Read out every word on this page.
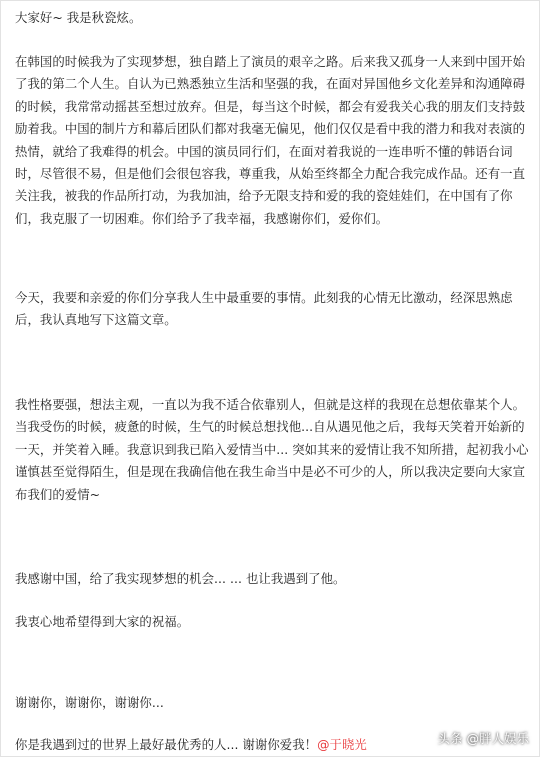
大家好~ 我是秋瓷炫。

在韩国的时候我为了实现梦想，独自踏上了演员的艰辛之路。后来我又孤身一人来到中国开始了我的第二个人生。自认为已熟悉独立生活和坚强的我，在面对异国他乡文化差异和沟通障碍的时候，我常常动摇甚至想过放弃。但是，每当这个时候，都会有爱我关心我的朋友们支持鼓励着我。中国的制片方和幕后团队们都对我毫无偏见，他们仅仅是看中我的潜力和我对表演的热情，就给了我难得的机会。中国的演员同行们，在面对着我说的一连串听不懂的韩语台词时，尽管很不易，但是他们会很包容我，尊重我，从始至终都全力配合我完成作品。还有一直关注我，被我的作品所打动，为我加油，给予无限支持和爱的我的瓷娃娃们，在中国有了你们，我克服了一切困难。你们给予了我幸福，我感谢你们，爱你们。

今天，我要和亲爱的你们分享我人生中最重要的事情。此刻我的心情无比激动，经深思熟虑后，我认真地写下这篇文章。

我性格要强，想法主观，一直以为我不适合依靠别人，但就是这样的我现在总想依靠某个人。当我受伤的时候，疲惫的时候，生气的时候总想找他...自从遇见他之后，我每天笑着开始新的一天，并笑着入睡。我意识到我已陷入爱情当中... 突如其来的爱情让我不知所措，起初我小心谨慎甚至觉得陌生，但是现在我确信他在我生命当中是必不可少的人，所以我决定要向大家宣布我们的爱情~

我感谢中国，给了我实现梦想的机会... ... 也让我遇到了他。

我衷心地希望得到大家的祝福。

谢谢你，谢谢你，谢谢你...

你是我遇到过的世界上最好最优秀的人... 谢谢你爱我！@于晓光	头条 @胖人娱乐
